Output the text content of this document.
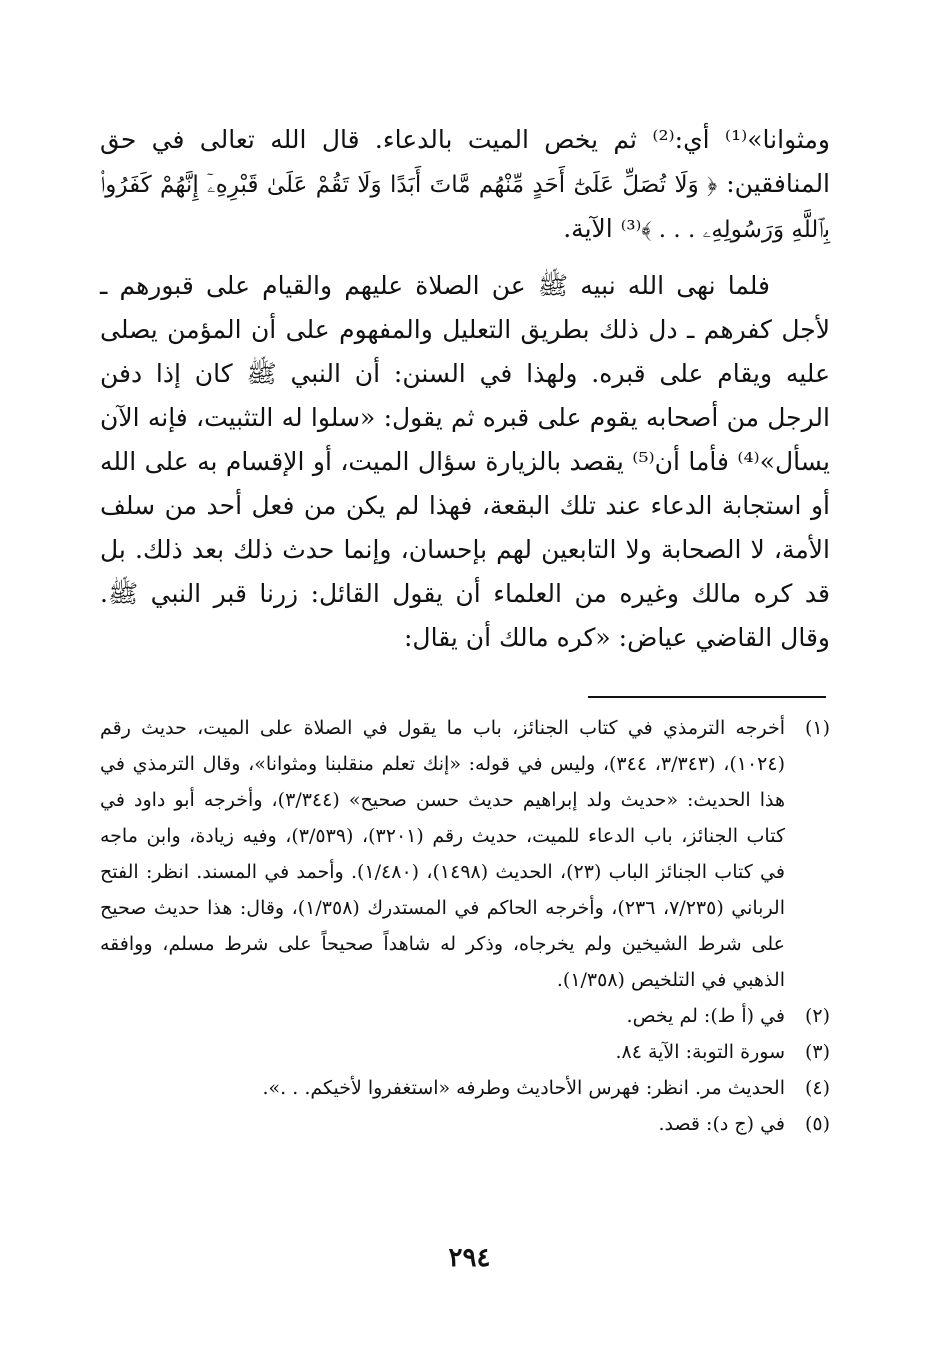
ومثوانا»⁽¹⁾ أي:⁽²⁾ ثم يخص الميت بالدعاء. قال الله تعالى في حق المنافقين: ﴿ وَلَا تُصَلِّ عَلَىٰٓ أَحَدٍ مِّنْهُم مَّاتَ أَبَدًا وَلَا تَقُمْ عَلَىٰ قَبْرِهِۦٓ إِنَّهُمْ كَفَرُوا۟ بِٱللَّهِ وَرَسُولِهِۦ . . . ﴾⁽³⁾ الآية.

فلما نهى الله نبيه ﷺ عن الصلاة عليهم والقيام على قبورهم ـ لأجل كفرهم ـ دل ذلك بطريق التعليل والمفهوم على أن المؤمن يصلى عليه ويقام على قبره. ولهذا في السنن: أن النبي ﷺ كان إذا دفن الرجل من أصحابه يقوم على قبره ثم يقول: «سلوا له التثبيت، فإنه الآن يسأل»⁽⁴⁾ فأما أن⁽⁵⁾ يقصد بالزيارة سؤال الميت، أو الإقسام به على الله أو استجابة الدعاء عند تلك البقعة، فهذا لم يكن من فعل أحد من سلف الأمة، لا الصحابة ولا التابعين لهم بإحسان، وإنما حدث ذلك بعد ذلك. بل قد كره مالك وغيره من العلماء أن يقول القائل: زرنا قبر النبي ﷺ. وقال القاضي عياض: «كره مالك أن يقال:

(١)
أخرجه الترمذي في كتاب الجنائز، باب ما يقول في الصلاة على الميت، حديث رقم (١٠٢٤)، (٣/٣٤٣، ٣٤٤)، وليس في قوله: «إنك تعلم منقلبنا ومثوانا»، وقال الترمذي في هذا الحديث: «حديث ولد إبراهيم حديث حسن صحيح» (٣/٣٤٤)، وأخرجه أبو داود في كتاب الجنائز، باب الدعاء للميت، حديث رقم (٣٢٠١)، (٣/٥٣٩)، وفيه زيادة، وابن ماجه في كتاب الجنائز الباب (٢٣)، الحديث (١٤٩٨)، (١/٤٨٠). وأحمد في المسند. انظر: الفتح الرباني (٧/٢٣٥، ٢٣٦)، وأخرجه الحاكم في المستدرك (١/٣٥٨)، وقال: هذا حديث صحيح على شرط الشيخين ولم يخرجاه، وذكر له شاهداً صحيحاً على شرط مسلم، ووافقه الذهبي في التلخيص (١/٣٥٨).
(٢)
في (أ ط): لم يخص.
(٣)
سورة التوبة: الآية ٨٤.
(٤)
الحديث مر. انظر: فهرس الأحاديث وطرفه «استغفروا لأخيكم. . .».
(٥)
في (ج د): قصد.
٢٩٤
